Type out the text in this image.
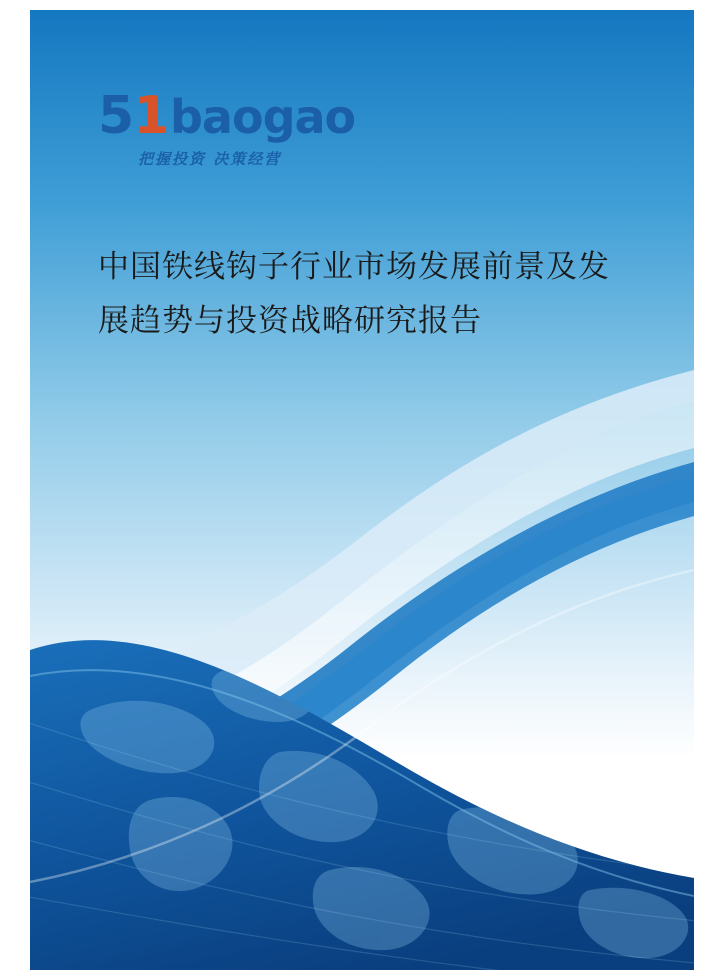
51 baogao
把握投资 决策经营
中国铁线钩子行业市场发展前景及发展趋势与投资战略研究报告
